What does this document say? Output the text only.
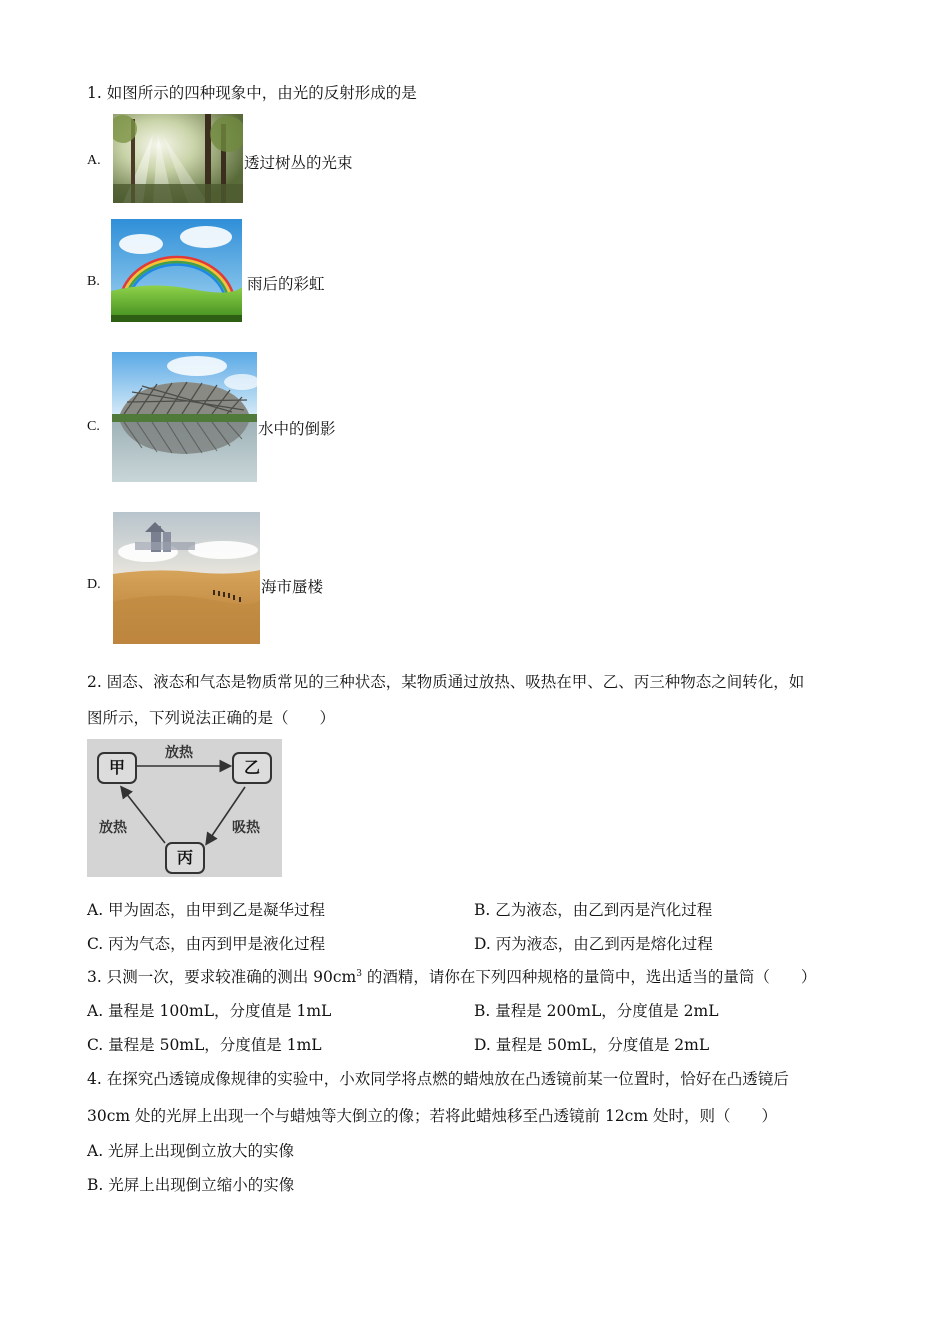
1. 如图所示的四种现象中，由光的反射形成的是
A.	透过树丛的光束
B.	雨后的彩虹
C.	水中的倒影
D.	海市蜃楼
2. 固态、液态和气态是物质常见的三种状态，某物质通过放热、吸热在甲、乙、丙三种物态之间转化，如
图所示，下列说法正确的是（　　）
甲	乙
丙
放热
放热	吸热
A. 甲为固态，由甲到乙是凝华过程	B. 乙为液态，由乙到丙是汽化过程
C. 丙为气态，由丙到甲是液化过程	D. 丙为液态，由乙到丙是熔化过程
3. 只测一次，要求较准确的测出 $90cm^3$ 的酒精，请你在下列四种规格的量筒中，选出适当的量筒（　　）
A. 量程是 100mL，分度值是 1mL	B. 量程是 200mL，分度值是 2mL
C. 量程是 50mL，分度值是 1mL	D. 量程是 50mL，分度值是 2mL
4. 在探究凸透镜成像规律的实验中，小欢同学将点燃的蜡烛放在凸透镜前某一位置时，恰好在凸透镜后
30cm 处的光屏上出现一个与蜡烛等大倒立的像；若将此蜡烛移至凸透镜前 12cm 处时，则（　　）
A. 光屏上出现倒立放大的实像
B. 光屏上出现倒立缩小的实像
